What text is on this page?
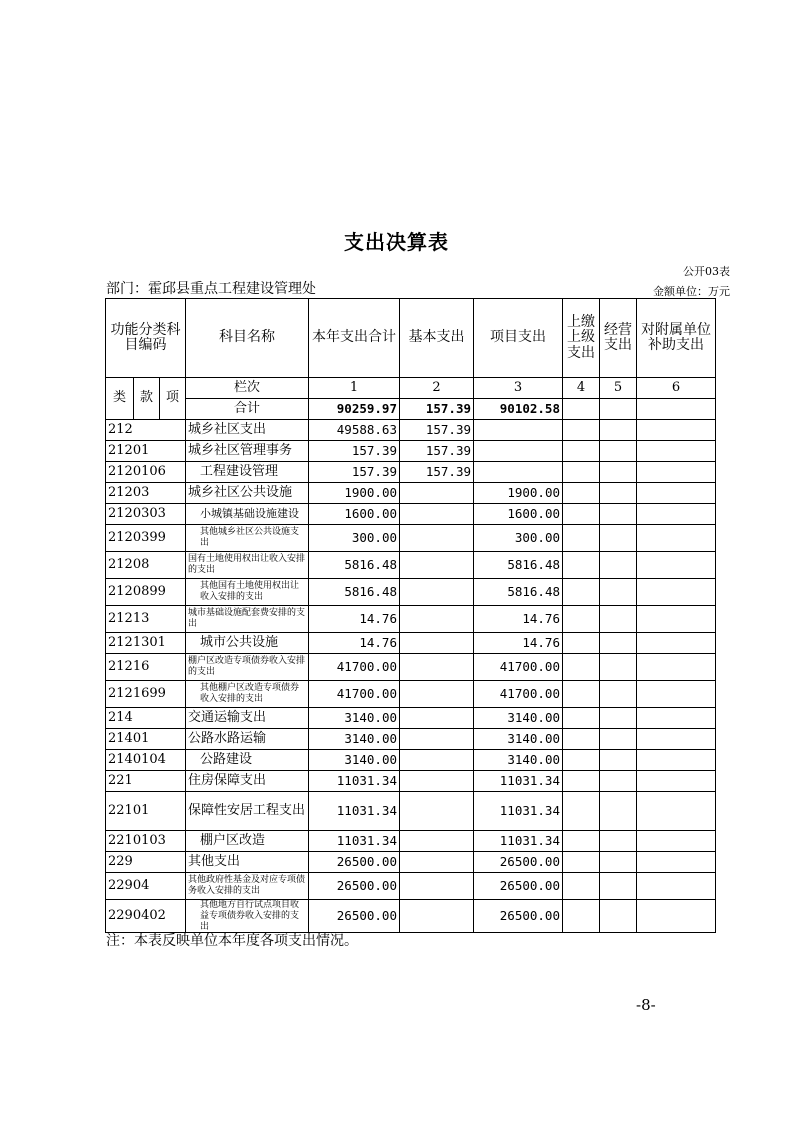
支出决算表
公开03表
部门：霍邱县重点工程建设管理处	金额单位：万元
功能分类科目编码			科目名称	本年支出合计	基本支出	项目支出	上缴上级支出	经营支出	对附属单位补助支出
类	款	项	栏次	1	2	3	4	5	6
			合计	90259.97	157.39	90102.58			
212			城乡社区支出	49588.63	157.39				
21201			城乡社区管理事务	157.39	157.39				
2120106			工程建设管理	157.39	157.39				
21203			城乡社区公共设施	1900.00		1900.00			
2120303			小城镇基础设施建设	1600.00		1600.00			
2120399			其他城乡社区公共设施支出	300.00		300.00			
21208			国有土地使用权出让收入安排的支出	5816.48		5816.48			
2120899			其他国有土地使用权出让收入安排的支出	5816.48		5816.48			
21213			城市基础设施配套费安排的支出	14.76		14.76			
2121301			城市公共设施	14.76		14.76			
21216			棚户区改造专项债券收入安排的支出	41700.00		41700.00			
2121699			其他棚户区改造专项债券收入安排的支出	41700.00		41700.00			
214			交通运输支出	3140.00		3140.00			
21401			公路水路运输	3140.00		3140.00			
2140104			公路建设	3140.00		3140.00			
221			住房保障支出	11031.34		11031.34			
22101			保障性安居工程支出	11031.34		11031.34			
2210103			棚户区改造	11031.34		11031.34			
229			其他支出	26500.00		26500.00			
22904			其他政府性基金及对应专项债务收入安排的支出	26500.00		26500.00			
2290402			其他地方自行试点项目收益专项债券收入安排的支出	26500.00		26500.00			
注：本表反映单位本年度各项支出情况。
-8-
